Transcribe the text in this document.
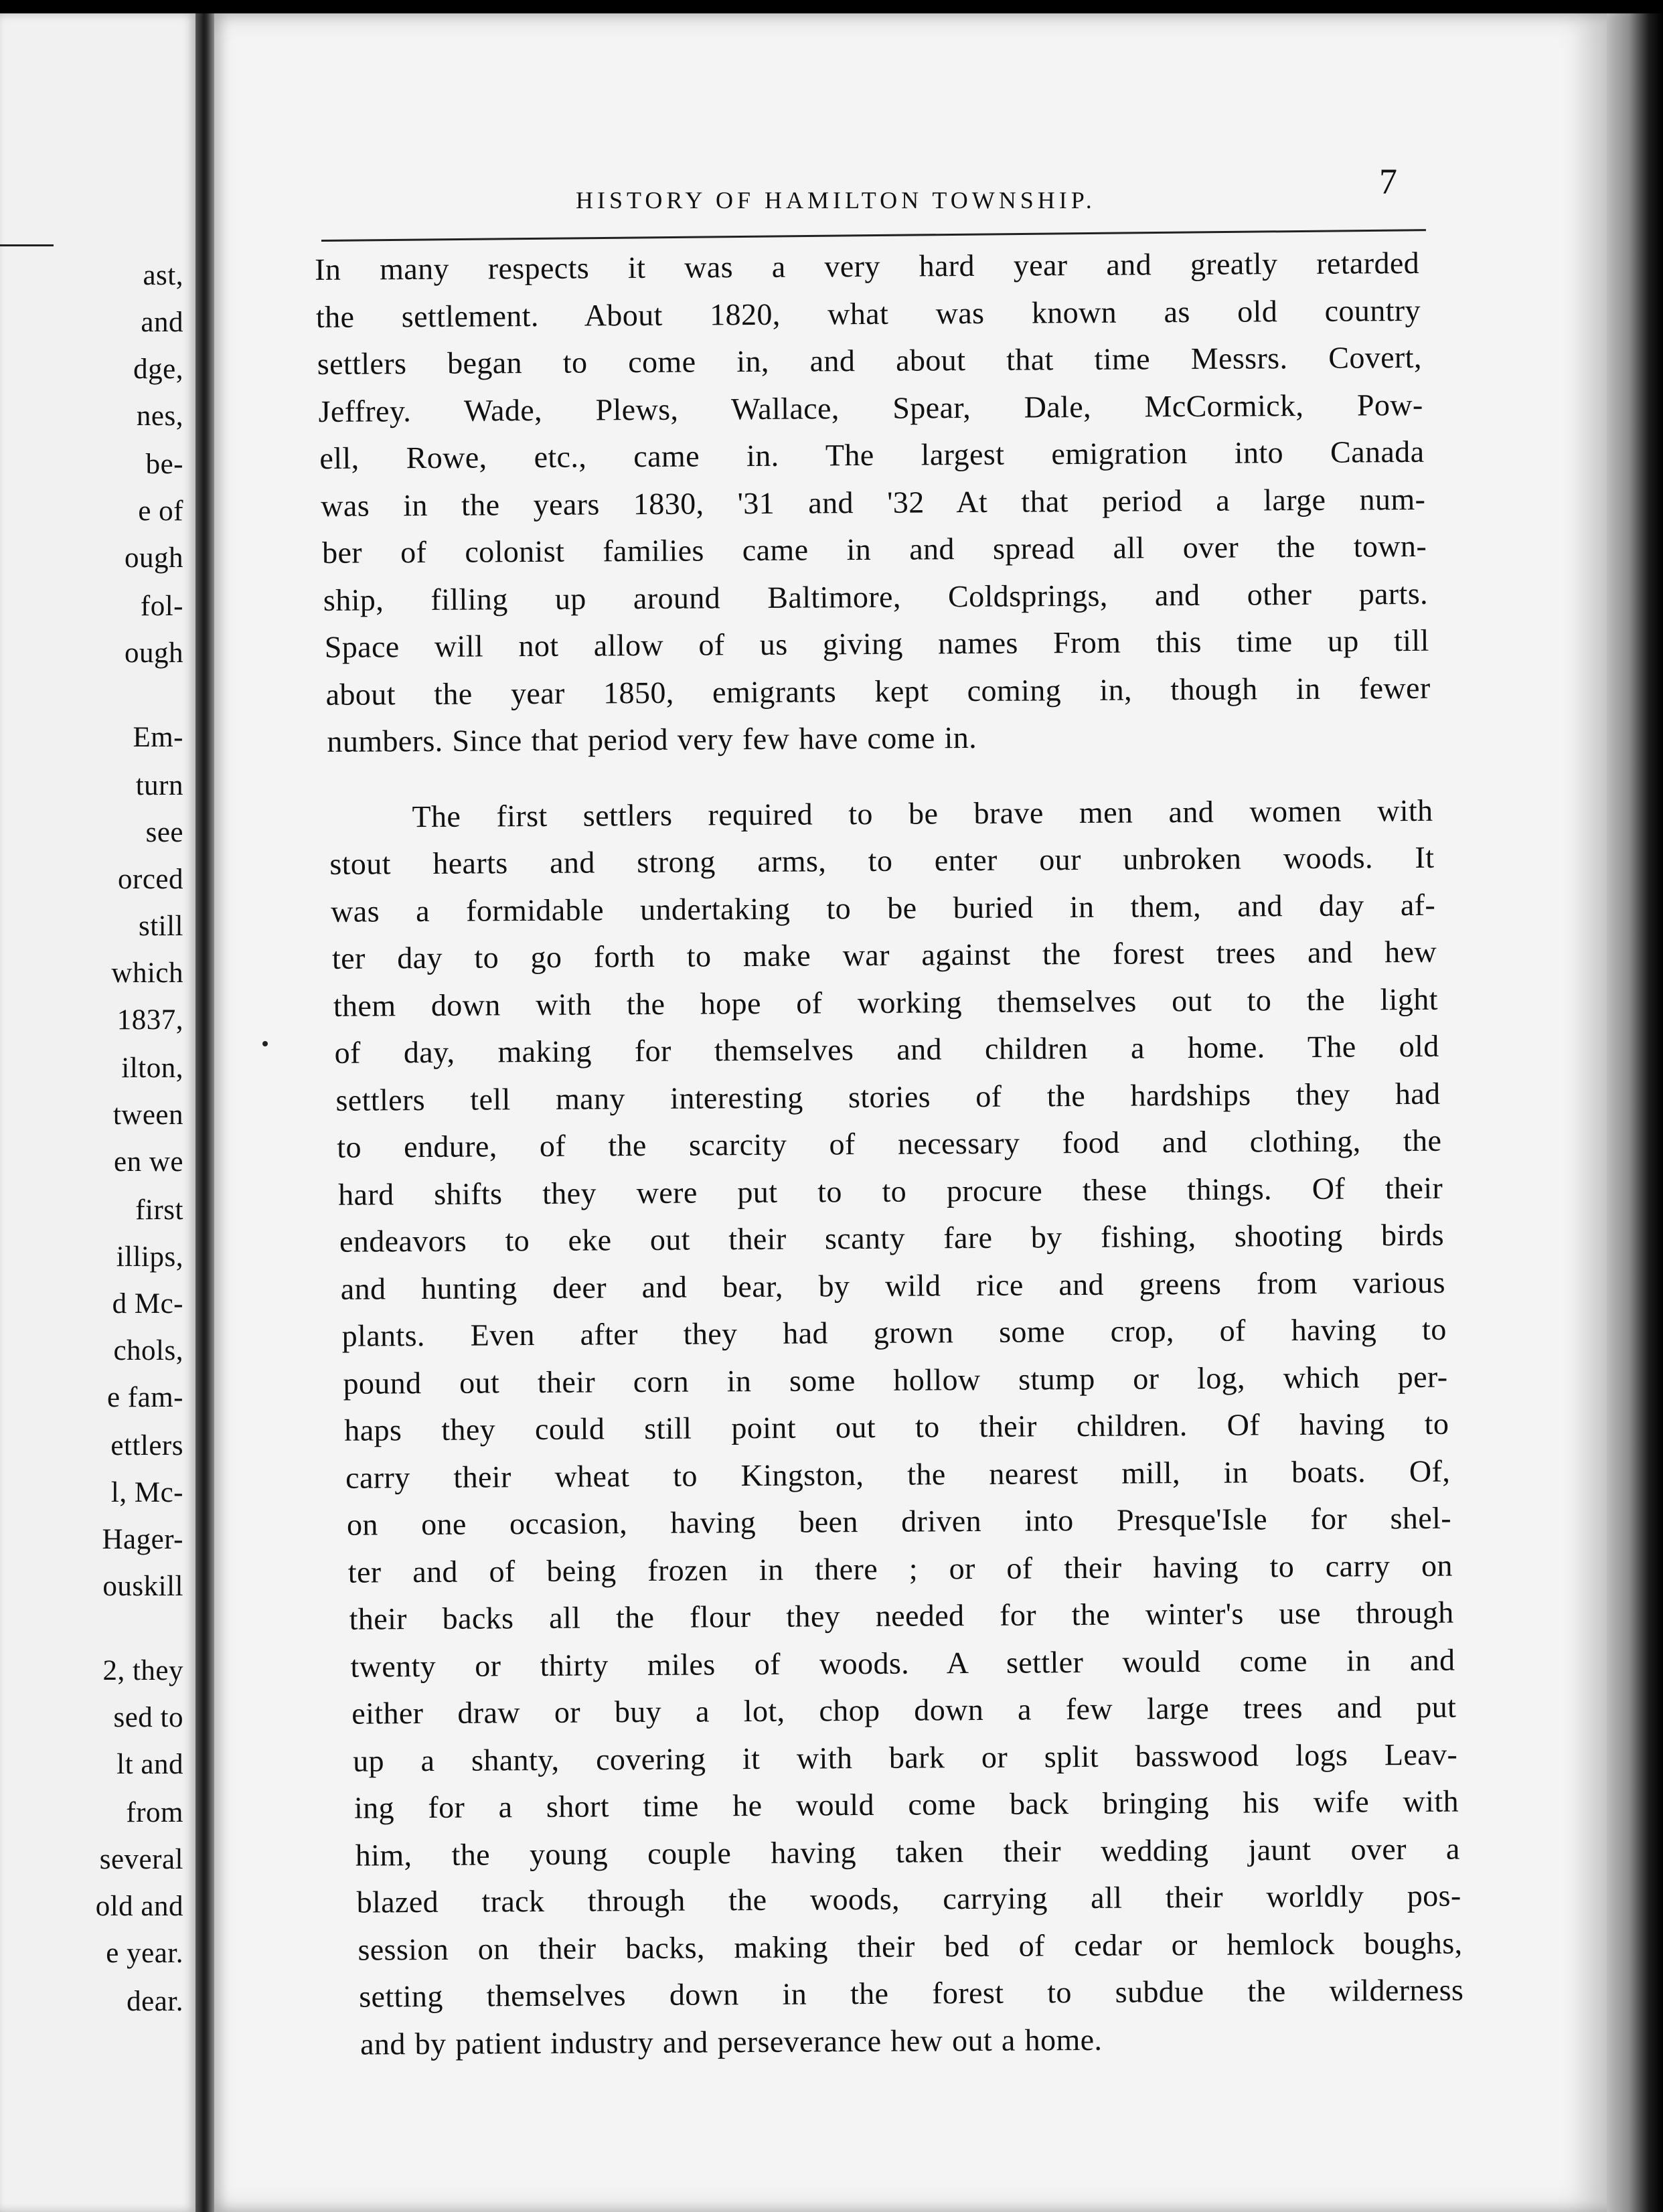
ast,
and
dge,
nes,
be-
e of
ough
fol-
ough
Em-
turn
see
orced
still
which
1837,
ilton,
tween
en we
first
illips,
d Mc-
chols,
e fam-
ettlers
l, Mc-
Hager-
ouskill
2, they
sed to
lt and
from
several
old and
e year.
dear.
HISTORY OF HAMILTON TOWNSHIP.	7
In many respects it was a very hard year and greatly retarded
the settlement. About 1820, what was known as old country
settlers began to come in, and about that time Messrs. Covert,
Jeffrey. Wade, Plews, Wallace, Spear, Dale, McCormick, Pow-
ell, Rowe, etc., came in. The largest emigration into Canada
was in the years 1830, '31 and '32 At that period a large num-
ber of colonist families came in and spread all over the town-
ship, filling up around Baltimore, Coldsprings, and other parts.
Space will not allow of us giving names From this time up till
about the year 1850, emigrants kept coming in, though in fewer
numbers. Since that period very few have come in.
The first settlers required to be brave men and women with
stout hearts and strong arms, to enter our unbroken woods. It
was a formidable undertaking to be buried in them, and day af-
ter day to go forth to make war against the forest trees and hew
them down with the hope of working themselves out to the light
of day, making for themselves and children a home. The old
settlers tell many interesting stories of the hardships they had
to endure, of the scarcity of necessary food and clothing, the
hard shifts they were put to to procure these things. Of their
endeavors to eke out their scanty fare by fishing, shooting birds
and hunting deer and bear, by wild rice and greens from various
plants. Even after they had grown some crop, of having to
pound out their corn in some hollow stump or log, which per-
haps they could still point out to their children. Of having to
carry their wheat to Kingston, the nearest mill, in boats. Of,
on one occasion, having been driven into Presque'Isle for shel-
ter and of being frozen in there ; or of their having to carry on
their backs all the flour they needed for the winter's use through
twenty or thirty miles of woods. A settler would come in and
either draw or buy a lot, chop down a few large trees and put
up a shanty, covering it with bark or split basswood logs Leav-
ing for a short time he would come back bringing his wife with
him, the young couple having taken their wedding jaunt over a
blazed track through the woods, carrying all their worldly pos-
session on their backs, making their bed of cedar or hemlock boughs,
setting themselves down in the forest to subdue the wilderness
and by patient industry and perseverance hew out a home.
